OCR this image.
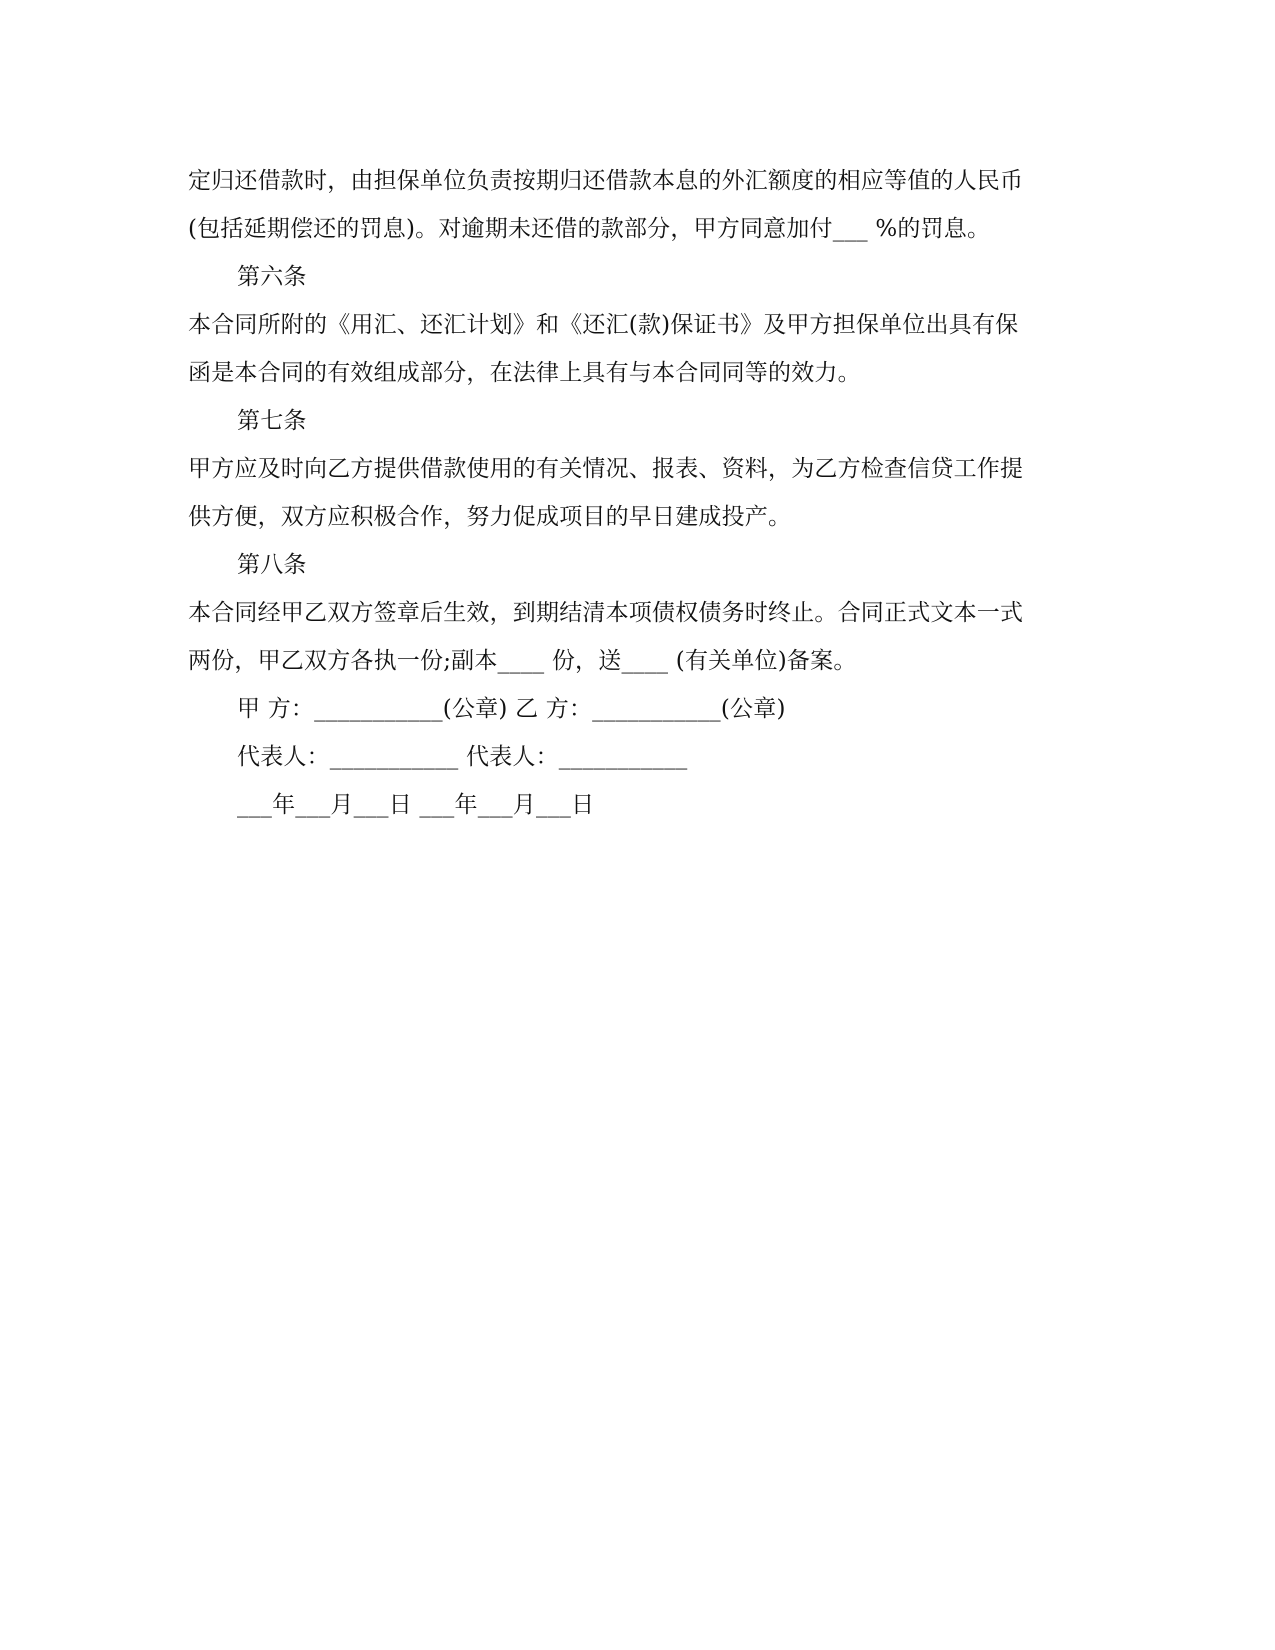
定归还借款时，由担保单位负责按期归还借款本息的外汇额度的相应等值的人民币
(包括延期偿还的罚息)。对逾期未还借的款部分，甲方同意加付___ %的罚息。
第六条
本合同所附的《用汇、还汇计划》和《还汇(款)保证书》及甲方担保单位出具有保
函是本合同的有效组成部分，在法律上具有与本合同同等的效力。
第七条
甲方应及时向乙方提供借款使用的有关情况、报表、资料，为乙方检查信贷工作提
供方便，双方应积极合作，努力促成项目的早日建成投产。
第八条
本合同经甲乙双方签章后生效，到期结清本项债权债务时终止。合同正式文本一式
两份，甲乙双方各执一份;副本____ 份，送____ (有关单位)备案。
甲 方：___________(公章) 乙 方：___________(公章)
代表人：___________ 代表人：___________
___年___月___日 ___年___月___日
